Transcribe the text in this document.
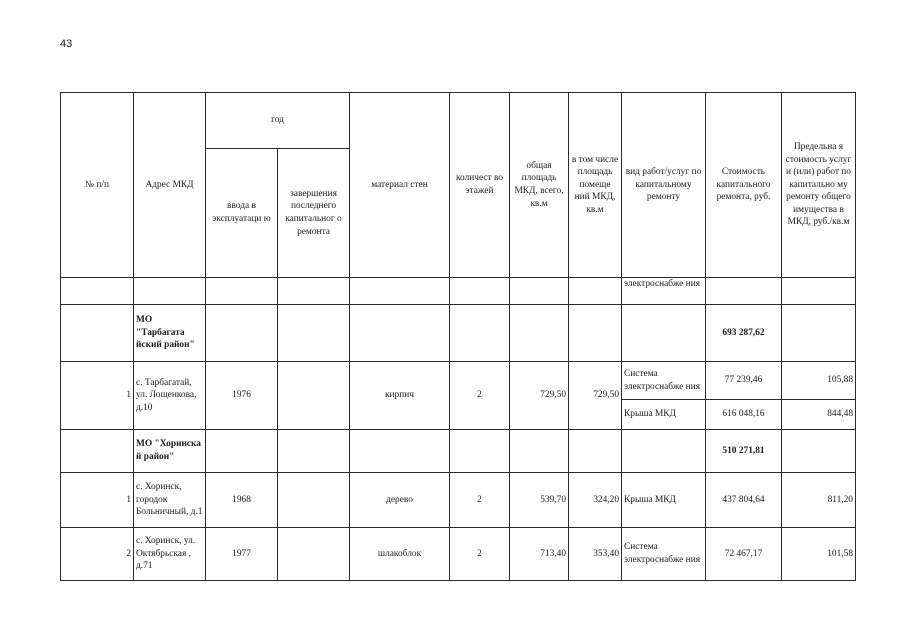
43
№ п/п	Адрес МКД	год		материал стен	количест во этажей	общая площадь МКД, всего, кв.м	в том числе площадь помеще ний МКД, кв.м	вид работ/услуг по капитальному ремонту	Стоимость капитального ремонта, руб.	Предельна я стоимость услуг и (или) работ по капитально му ремонту общего имущества в МКД, руб./кв.м
		ввода в эксплуатаци ю	завершения последнего капитальног о ремонта							
								электроснабже ния		
	МО "Тарбагата йский район"								693 287,62	
1	с. Тарбагатай, ул. Лощенкова, д.10	1976		кирпич	2	729,50	729,50	Система электроснабже ния	77 239,46	105,88
								Крыша МКД	616 048,16	844,48
	МО "Хоринска й район"								510 271,81	
1	с. Хоринск, городок Больничный, д.1	1968		дерево	2	539,70	324,20	Крыша МКД	437 804,64	811,20
2	с. Хоринск, ул. Октябрьская , д.71	1977		шлакоблок	2	713,40	353,40	Система электроснабже ния	72 467,17	101,58
